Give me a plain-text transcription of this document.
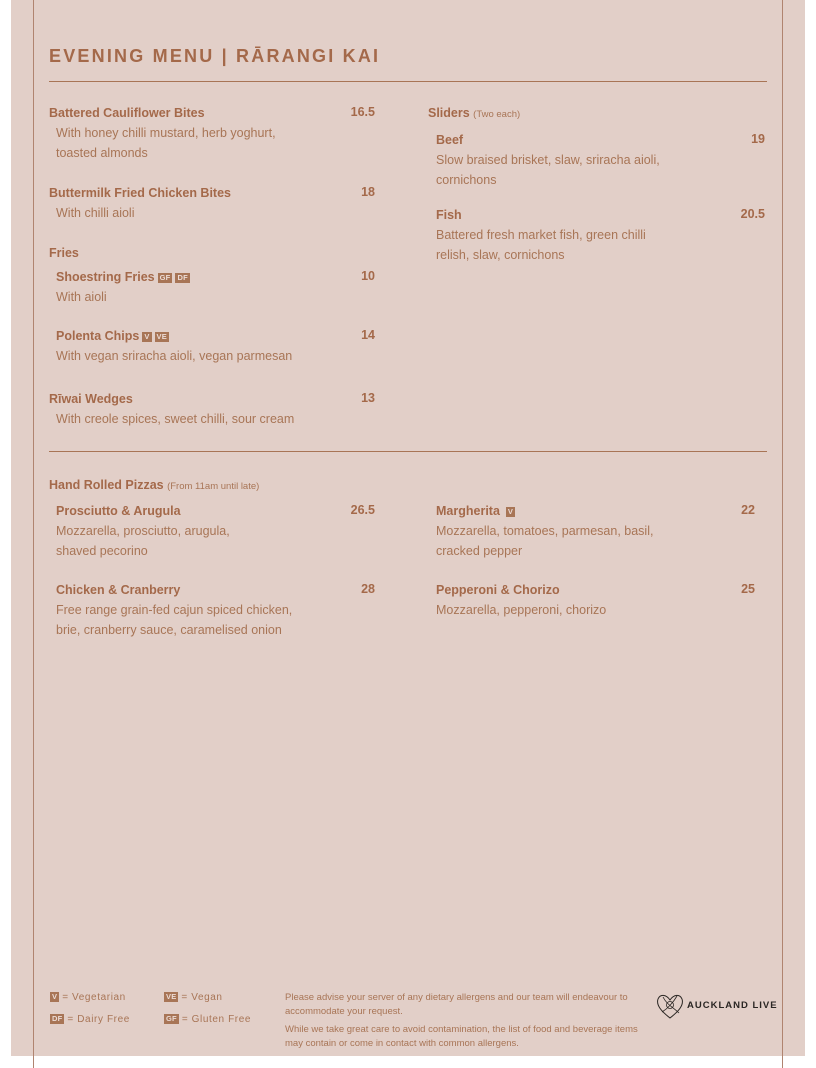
EVENING MENU | RĀRANGI KAI
Battered Cauliflower Bites
With honey chilli mustard, herb yoghurt,
toasted almonds
16.5
Buttermilk Fried Chicken Bites
With chilli aioli
18
Fries
Shoestring Fries GF DF
With aioli
10
Polenta Chips V VE
With vegan sriracha aioli, vegan parmesan
14
Rīwai Wedges
With creole spices, sweet chilli, sour cream
13
Sliders (Two each)
Beef
Slow braised brisket, slaw, sriracha aioli,
cornichons
19
Fish
Battered fresh market fish, green chilli
relish, slaw, cornichons
20.5
Hand Rolled Pizzas (From 11am until late)
Prosciutto & Arugula
Mozzarella, prosciutto, arugula,
shaved pecorino
26.5
Chicken & Cranberry
Free range grain-fed cajun spiced chicken,
brie, cranberry sauce, caramelised onion
28
Margherita V
Mozzarella, tomatoes, parmesan, basil,
cracked pepper
22
Pepperoni & Chorizo
Mozzarella, pepperoni, chorizo
25
V = Vegetarian	VE = Vegan
DF = Dairy Free	GF = Gluten Free
Please advise your server of any dietary allergens and our team will endeavour to accommodate your request.
While we take great care to avoid contamination, the list of food and beverage items may contain or come in contact with common allergens.
AUCKLAND LIVE
